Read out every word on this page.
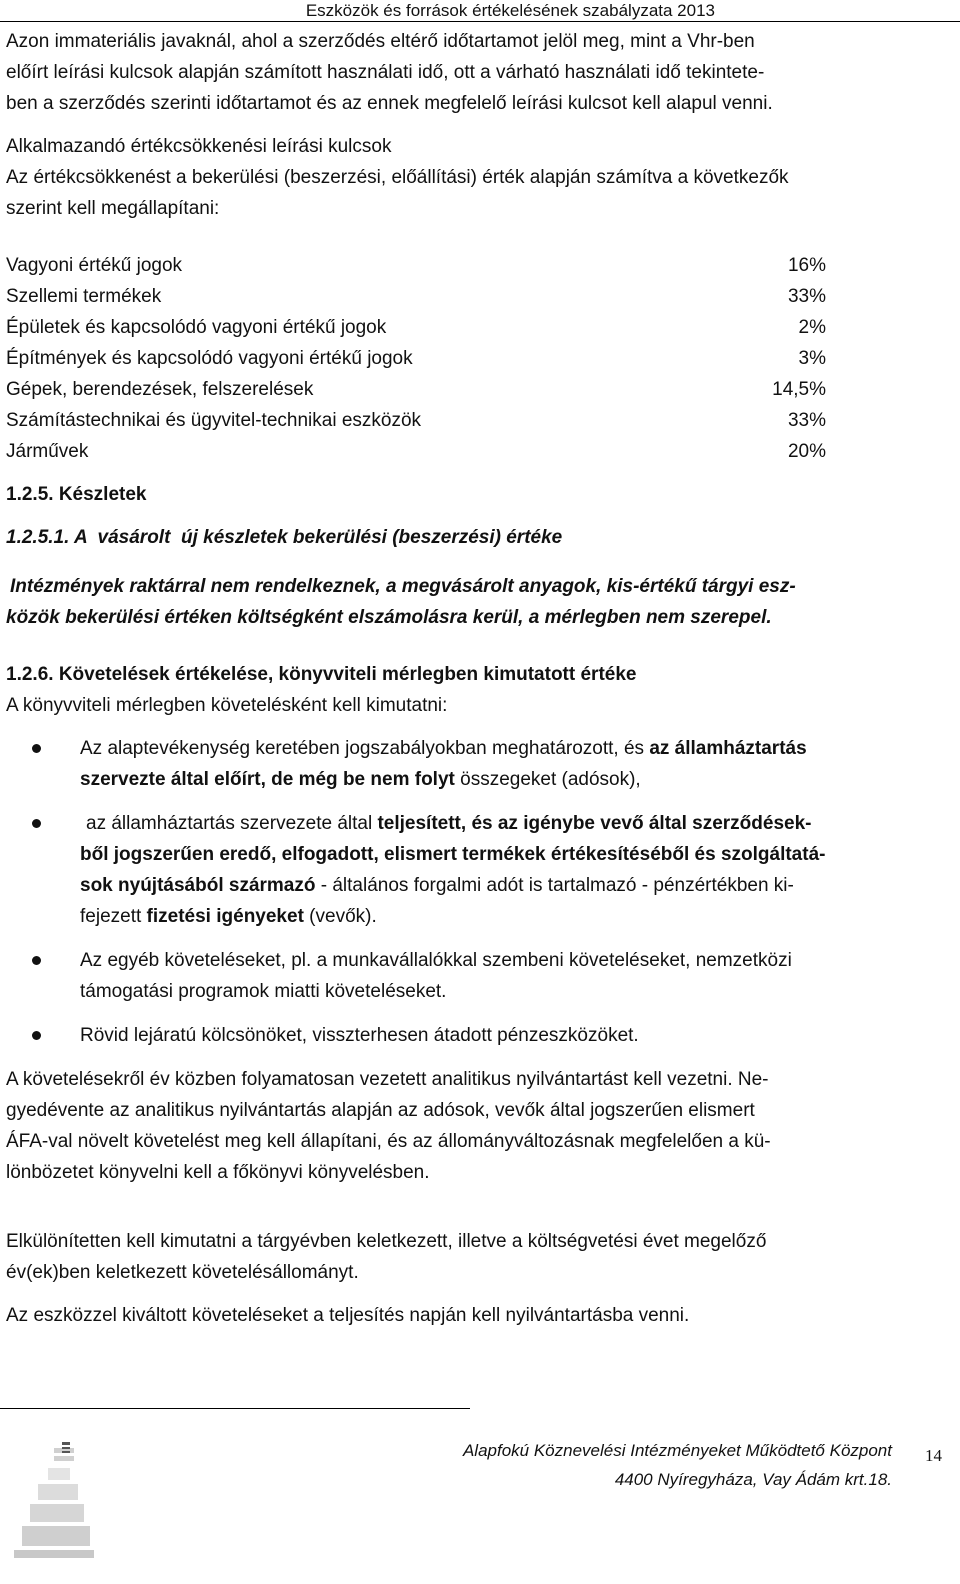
Eszközök és források értékelésének szabályzata 2013
Azon immateriális javaknál, ahol a szerződés eltérő időtartamot jelöl meg, mint a Vhr-ben
előírt leírási kulcsok alapján számított használati idő, ott a várható használati idő tekintete-
ben a szerződés szerinti időtartamot és az ennek megfelelő leírási kulcsot kell alapul venni.
Alkalmazandó értékcsökkenési leírási kulcsok
Az értékcsökkenést a bekerülési (beszerzési, előállítási) érték alapján számítva a következők
szerint kell megállapítani:
Vagyoni értékű jogok	16%
Szellemi termékek	33%
Épületek és kapcsolódó vagyoni értékű jogok	2%
Építmények és kapcsolódó vagyoni értékű jogok	3%
Gépek, berendezések, felszerelések	14,5%
Számítástechnikai és ügyvitel-technikai eszközök	33%
Járművek	20%
1.2.5. Készletek
1.2.5.1. A  vásárolt  új készletek bekerülési (beszerzési) értéke
Intézmények raktárral nem rendelkeznek, a megvásárolt anyagok, kis-értékű tárgyi esz-
közök bekerülési értéken költségként elszámolásra kerül, a mérlegben nem szerepel.
1.2.6. Követelések értékelése, könyvviteli mérlegben kimutatott értéke
A könyvviteli mérlegben követelésként kell kimutatni:
Az alaptevékenység keretében jogszabályokban meghatározott, és az államháztartás
szervezte által előírt, de még be nem folyt összegeket (adósok),
az államháztartás szervezete által teljesített, és az igénybe vevő által szerződések-
ből jogszerűen eredő, elfogadott, elismert termékek értékesítéséből és szolgáltatá-
sok nyújtásából származó - általános forgalmi adót is tartalmazó - pénzértékben ki-
fejezett fizetési igényeket (vevők).
Az egyéb követeléseket, pl. a munkavállalókkal szembeni követeléseket, nemzetközi
támogatási programok miatti követeléseket.
Rövid lejáratú kölcsönöket, visszterhesen átadott pénzeszközöket.
A követelésekről év közben folyamatosan vezetett analitikus nyilvántartást kell vezetni. Ne-
gyedévente az analitikus nyilvántartás alapján az adósok, vevők által jogszerűen elismert
ÁFA-val növelt követelést meg kell állapítani, és az állományváltozásnak megfelelően a kü-
lönbözetet könyvelni kell a főkönyvi könyvelésben.
Elkülönítetten kell kimutatni a tárgyévben keletkezett, illetve a költségvetési évet megelőző
év(ek)ben keletkezett követelésállományt.
Az eszközzel kiváltott követeléseket a teljesítés napján kell nyilvántartásba venni.
Alapfokú Köznevelési Intézményeket Működtető Központ
4400 Nyíregyháza, Vay Ádám krt.18.
14
